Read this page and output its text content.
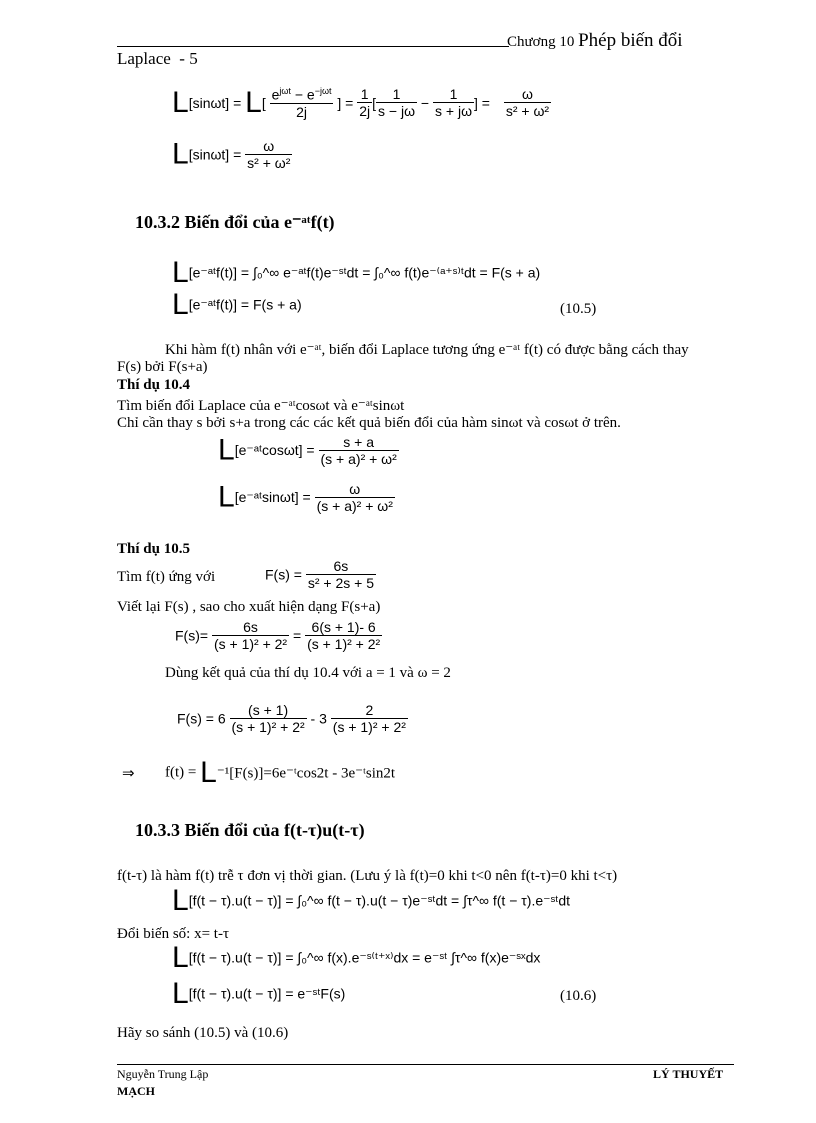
Chương 10 Phép biến đổi
Laplace - 5
$L[\sin\omega t] = L[ \frac{e^{j\omega t} - e^{-j\omega t}}{2j}$ ] = $\frac{1}{2j}$ [ $\frac{1}{s - j\omega} - \frac{1}{s + j\omega}$ ] = $\frac{\omega}{\text{s² + ω²}}$
$L[\sin\omega t] = \frac{\omega}{\text{s² + ω²}}$
10.3.2 Biến đổi của e⁻ᵃᵗf(t)
L[e⁻ᵃᵗf(t)] = ∫₀^∞ e⁻ᵃᵗf(t)e⁻ˢᵗdt = ∫₀^∞ f(t)e⁻⁽ᵃ⁺ˢ⁾ᵗdt = F(s + a)
L[e⁻ᵃᵗf(t)] = F(s + a)	(10.5)
Khi hàm f(t) nhân với e⁻ᵃᵗ, biến đổi Laplace tương ứng e⁻ᵃᵗ f(t) có được bằng cách thay
F(s) bởi F(s+a)
Thí dụ 10.4
Tìm biến đổi Laplace của e⁻ᵃᵗcosωt và e⁻ᵃᵗsinωt
Chỉ cần thay s bởi s+a trong các các kết quả biến đổi của hàm sinωt và cosωt ở trên.
L[e⁻ᵃᵗcosωt] = $\frac{s + a}{\text{(s + a)² + ω²}}$
L[e⁻ᵃᵗsinωt] = $\frac{\omega}{\text{(s + a)² + ω²}}$
Thí dụ 10.5
Tìm f(t) ứng với	$F(s) = \frac{6s}{\text{s² + 2s + 5}}$
Viết lại F(s) , sao cho xuất hiện dạng F(s+a)
$F(s)= \frac{6s}{\text{(s + 1)² + 2²}} = \frac{6(s + 1)- 6}{\text{(s + 1)² + 2²}}$
Dùng kết quả của thí dụ 10.4 với a = 1 và ω = 2
$F(s) = 6 \frac{(s + 1)}{\text{(s + 1)² + 2²}} - 3 \frac{2}{\text{(s + 1)² + 2²}}$
⇒ f(t) = L⁻¹[F(s)]=6e⁻ᵗcos2t - 3e⁻ᵗsin2t
10.3.3 Biến đổi của f(t-τ)u(t-τ)
f(t-τ) là hàm f(t) trễ τ đơn vị thời gian. (Lưu ý là f(t)=0 khi t<0 nên f(t-τ)=0 khi t<τ)
L[f(t − τ).u(t − τ)] = ∫₀^∞ f(t − τ).u(t − τ)e⁻ˢᵗdt = ∫τ^∞ f(t − τ).e⁻ˢᵗdt
Đổi biến số: x= t-τ
L[f(t − τ).u(t − τ)] = ∫₀^∞ f(x).e⁻ˢ⁽ᵗ⁺ˣ⁾dx = e⁻ˢᵗ ∫τ^∞ f(x)e⁻ˢˣdx
L[f(t − τ).u(t − τ)] = e⁻ˢᵗF(s)	(10.6)
Hãy so sánh (10.5) và (10.6)
Nguyễn Trung Lập	LÝ THUYẾT
MẠCH
